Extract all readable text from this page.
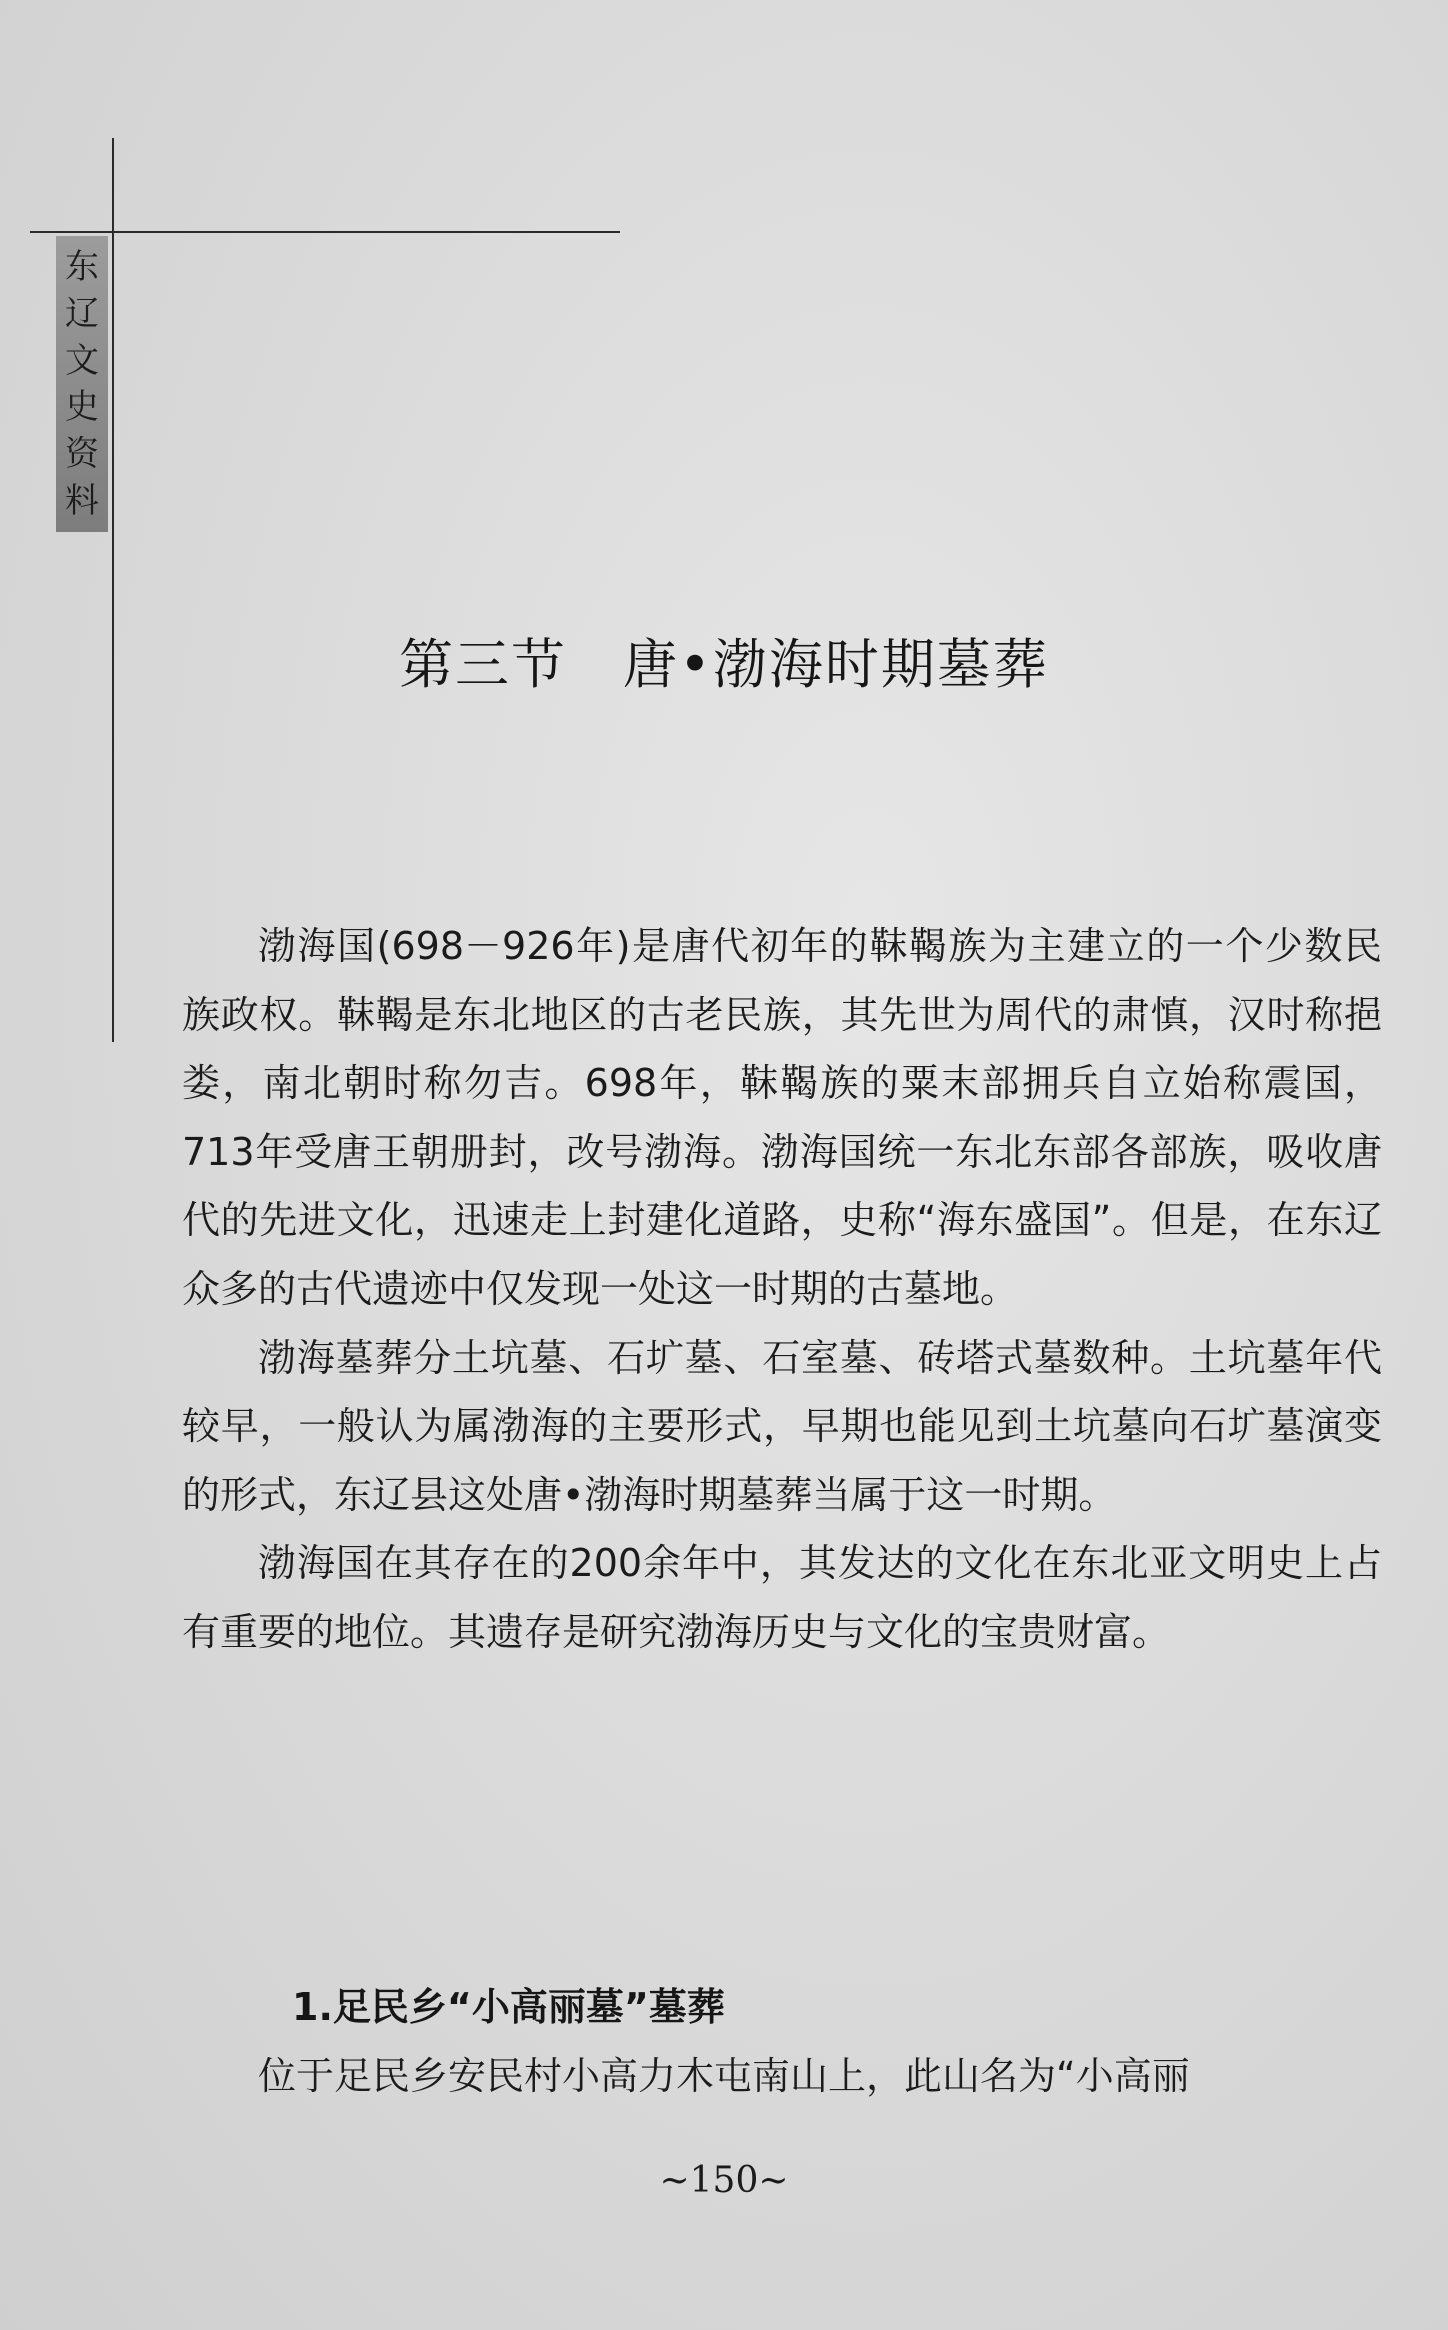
东
辽
文
史
资
料
第三节　唐•渤海时期墓葬

渤海国(698－926年)是唐代初年的靺鞨族为主建立的一个少数民族政权。靺鞨是东北地区的古老民族，其先世为周代的肃慎，汉时称挹娄，南北朝时称勿吉。698年，靺鞨族的粟末部拥兵自立始称震国，713年受唐王朝册封，改号渤海。渤海国统一东北东部各部族，吸收唐代的先进文化，迅速走上封建化道路，史称“海东盛国”。但是，在东辽众多的古代遗迹中仅发现一处这一时期的古墓地。

渤海墓葬分土坑墓、石圹墓、石室墓、砖塔式墓数种。土坑墓年代较早，一般认为属渤海的主要形式，早期也能见到土坑墓向石圹墓演变的形式，东辽县这处唐•渤海时期墓葬当属于这一时期。

渤海国在其存在的200余年中，其发达的文化在东北亚文明史上占有重要的地位。其遗存是研究渤海历史与文化的宝贵财富。

1.足民乡“小高丽墓”墓葬
位于足民乡安民村小高力木屯南山上，此山名为“小高丽
~150~
